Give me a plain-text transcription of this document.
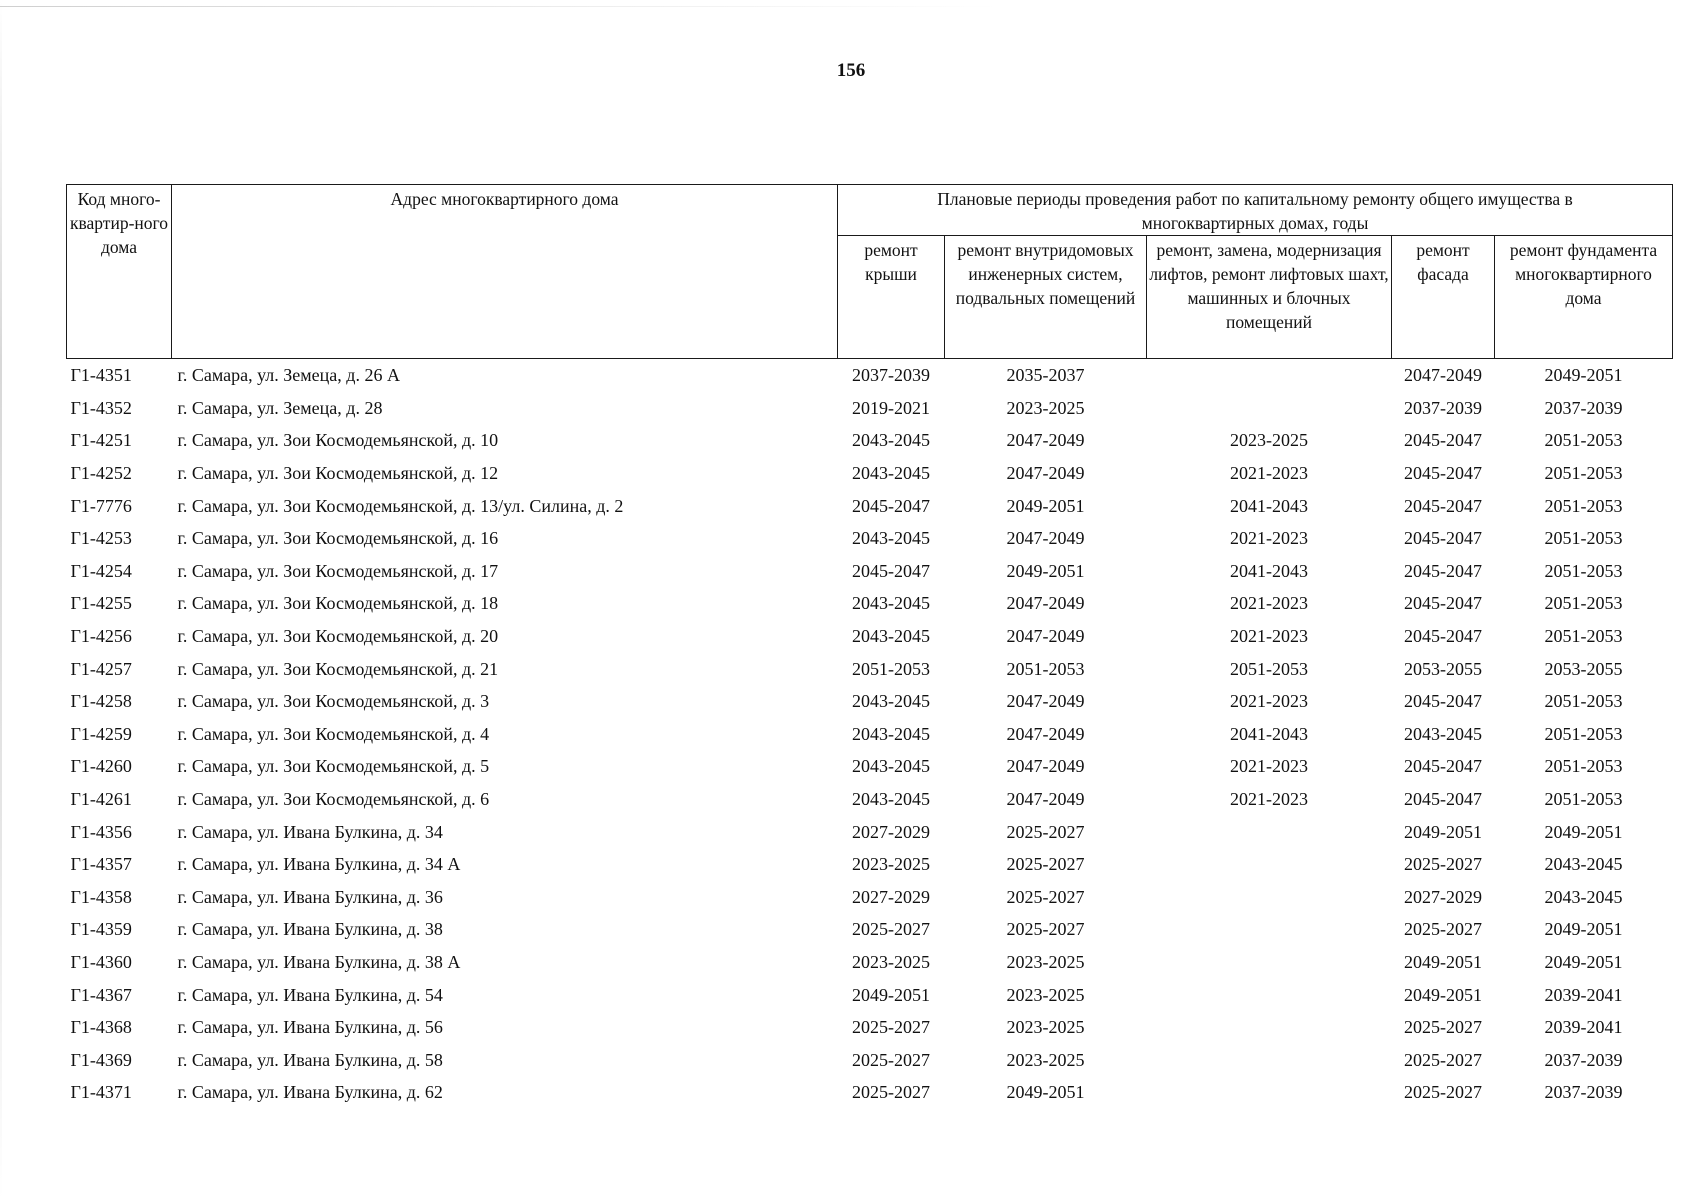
156
Код много-квартир-ного дома	Адрес многоквартирного дома	Плановые периоды проведения работ по капитальному ремонту общего имущества в многоквартирных домах, годы				
		ремонт крыши	ремонт внутридомовых инженерных систем, подвальных помещений	ремонт, замена, модернизация лифтов, ремонт лифтовых шахт, машинных и блочных помещений	ремонт фасада	ремонт фундамента многоквартирного дома
Г1-4351	г. Самара, ул. Земеца, д. 26 А	2037-2039	2035-2037		2047-2049	2049-2051
Г1-4352	г. Самара, ул. Земеца, д. 28	2019-2021	2023-2025		2037-2039	2037-2039
Г1-4251	г. Самара, ул. Зои Космодемьянской, д. 10	2043-2045	2047-2049	2023-2025	2045-2047	2051-2053
Г1-4252	г. Самара, ул. Зои Космодемьянской, д. 12	2043-2045	2047-2049	2021-2023	2045-2047	2051-2053
Г1-7776	г. Самара, ул. Зои Космодемьянской, д. 13/ул. Силина, д. 2	2045-2047	2049-2051	2041-2043	2045-2047	2051-2053
Г1-4253	г. Самара, ул. Зои Космодемьянской, д. 16	2043-2045	2047-2049	2021-2023	2045-2047	2051-2053
Г1-4254	г. Самара, ул. Зои Космодемьянской, д. 17	2045-2047	2049-2051	2041-2043	2045-2047	2051-2053
Г1-4255	г. Самара, ул. Зои Космодемьянской, д. 18	2043-2045	2047-2049	2021-2023	2045-2047	2051-2053
Г1-4256	г. Самара, ул. Зои Космодемьянской, д. 20	2043-2045	2047-2049	2021-2023	2045-2047	2051-2053
Г1-4257	г. Самара, ул. Зои Космодемьянской, д. 21	2051-2053	2051-2053	2051-2053	2053-2055	2053-2055
Г1-4258	г. Самара, ул. Зои Космодемьянской, д. 3	2043-2045	2047-2049	2021-2023	2045-2047	2051-2053
Г1-4259	г. Самара, ул. Зои Космодемьянской, д. 4	2043-2045	2047-2049	2041-2043	2043-2045	2051-2053
Г1-4260	г. Самара, ул. Зои Космодемьянской, д. 5	2043-2045	2047-2049	2021-2023	2045-2047	2051-2053
Г1-4261	г. Самара, ул. Зои Космодемьянской, д. 6	2043-2045	2047-2049	2021-2023	2045-2047	2051-2053
Г1-4356	г. Самара, ул. Ивана Булкина, д. 34	2027-2029	2025-2027		2049-2051	2049-2051
Г1-4357	г. Самара, ул. Ивана Булкина, д. 34 А	2023-2025	2025-2027		2025-2027	2043-2045
Г1-4358	г. Самара, ул. Ивана Булкина, д. 36	2027-2029	2025-2027		2027-2029	2043-2045
Г1-4359	г. Самара, ул. Ивана Булкина, д. 38	2025-2027	2025-2027		2025-2027	2049-2051
Г1-4360	г. Самара, ул. Ивана Булкина, д. 38 А	2023-2025	2023-2025		2049-2051	2049-2051
Г1-4367	г. Самара, ул. Ивана Булкина, д. 54	2049-2051	2023-2025		2049-2051	2039-2041
Г1-4368	г. Самара, ул. Ивана Булкина, д. 56	2025-2027	2023-2025		2025-2027	2039-2041
Г1-4369	г. Самара, ул. Ивана Булкина, д. 58	2025-2027	2023-2025		2025-2027	2037-2039
Г1-4371	г. Самара, ул. Ивана Булкина, д. 62	2025-2027	2049-2051		2025-2027	2037-2039
